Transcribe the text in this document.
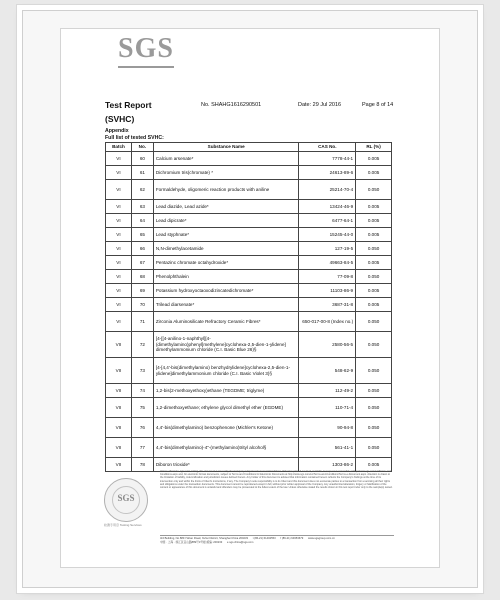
SGS
Test Report
(SVHC)
No. SHAHG1616290501	Date: 29 Jul 2016	Page 8 of 14
Appendix
Full list of tested SVHC:
Batch	No.	Substance Name	CAS No.	RL (%)
VI	60	Calcium arsenate*	7778-44-1	0.005
VI	61	Dichromium tris(chromate) *	24613-89-6	0.005
VI	62	Formaldehyde, oligomeric reaction products with aniline	25214-70-4	0.050
VI	63	Lead diazide, Lead azide*	13424-46-9	0.005
VI	64	Lead dipicrate*	6477-64-1	0.005
VI	65	Lead styphnate*	15245-44-0	0.005
VI	66	N,N-dimethylacetamide	127-19-5	0.050
VI	67	Pentazinc chromate octahydroxide*	49663-84-5	0.005
VI	68	Phenolphthalein	77-09-8	0.050
VI	69	Potassium hydroxyoctaoxodizincatedichromate*	11103-86-9	0.005
VI	70	Trilead diarsenate*	3687-31-8	0.005
VI	71	Zirconia Aluminosilicate Refractory Ceramic Fibres*	650-017-00-8 (Index no.)	0.050
VII	72	[4-[[4-anilino-1-naphthyl][4-(dimethylamino)phenyl]methylene]cyclohexa-2,5-dien-1-ylidene] dimethylammonium chloride (C.I. Basic Blue 26)§	2580-56-5	0.050
VII	73	[4-[4,4'-bis(dimethylamino) benzhydrylidene]cyclohexa-2,5-dien-1-ylidene]dimethylammonium chloride (C.I. Basic Violet 3)§	548-62-9	0.050
VII	74	1,2-bis(2-methoxyethoxy)ethane (TEGDME; triglyme)	112-49-2	0.050
VII	75	1,2-dimethoxyethane; ethylene glycol dimethyl ether (EGDME)	110-71-4	0.050
VII	76	4,4'-bis(dimethylamino) benzophenone (Michler's Ketone)	90-94-8	0.050
VII	77	4,4'-bis(dimethylamino)-4"-(methylamino)trityl alcohol§	561-41-1	0.050
VII	78	Diboron trioxide*	1303-86-2	0.005
SGS
检测专用章 Testing Services
Unless otherwise agreed in writing, this document is issued by the Company subject to its General Conditions of Service printed overleaf, available on request or accessible at http://www.sgs.com/en/Terms-and-Conditions.aspx and, for electronic format documents, subject to Terms and Conditions for Electronic Documents at http://www.sgs.com/en/Terms-and-Conditions/Terms-e-Document.aspx. Attention is drawn to the limitation of liability, indemnification and jurisdiction issues defined therein. Any holder of this document is advised that information contained hereon reflects the Company's findings at the time of its intervention only and within the limits of Client's instructions, if any. The Company's sole responsibility is to its Client and this document does not exonerate parties to a transaction from exercising all their rights and obligations under the transaction documents. This document cannot be reproduced except in full, without prior written approval of the Company. Any unauthorized alteration, forgery or falsification of the content or appearance of this document is unlawful and offenders may be prosecuted to the fullest extent of the law. Unless otherwise stated the results shown in this test report refer only to the sample(s) tested.
3rd Building, No.889 Yishan Road, Xuhui District, Shanghai China 200233 t (86-21) 61402553 f (86-21) 64953679 www.sgsgroup.com.cn
中国 · 上海 · 徐汇区宜山路889号3号楼 邮编: 200233 e sgs.china@sgs.com
